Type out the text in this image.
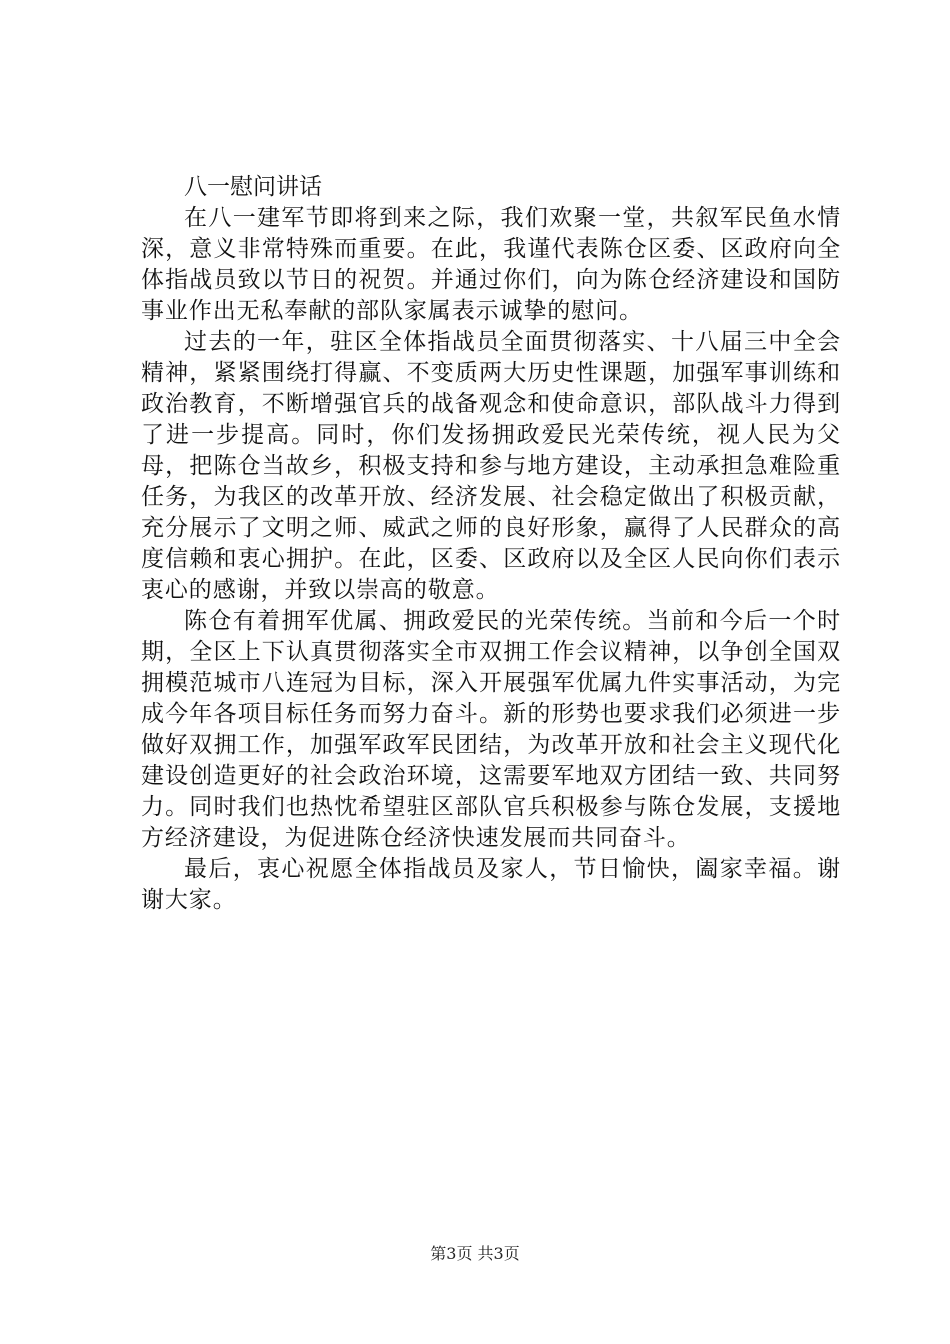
八一慰问讲话

在八一建军节即将到来之际，我们欢聚一堂，共叙军民鱼水情深，意义非常特殊而重要。在此，我谨代表陈仓区委、区政府向全体指战员致以节日的祝贺。并通过你们，向为陈仓经济建设和国防事业作出无私奉献的部队家属表示诚挚的慰问。

过去的一年，驻区全体指战员全面贯彻落实、十八届三中全会精神，紧紧围绕打得赢、不变质两大历史性课题，加强军事训练和政治教育，不断增强官兵的战备观念和使命意识，部队战斗力得到了进一步提高。同时，你们发扬拥政爱民光荣传统，视人民为父母，把陈仓当故乡，积极支持和参与地方建设，主动承担急难险重任务，为我区的改革开放、经济发展、社会稳定做出了积极贡献，充分展示了文明之师、威武之师的良好形象，赢得了人民群众的高度信赖和衷心拥护。在此，区委、区政府以及全区人民向你们表示衷心的感谢，并致以崇高的敬意。

陈仓有着拥军优属、拥政爱民的光荣传统。当前和今后一个时期，全区上下认真贯彻落实全市双拥工作会议精神，以争创全国双拥模范城市八连冠为目标，深入开展强军优属九件实事活动，为完成今年各项目标任务而努力奋斗。新的形势也要求我们必须进一步做好双拥工作，加强军政军民团结，为改革开放和社会主义现代化建设创造更好的社会政治环境，这需要军地双方团结一致、共同努力。同时我们也热忱希望驻区部队官兵积极参与陈仓发展，支援地方经济建设，为促进陈仓经济快速发展而共同奋斗。

最后，衷心祝愿全体指战员及家人，节日愉快，阖家幸福。谢谢大家。

第3页 共3页
